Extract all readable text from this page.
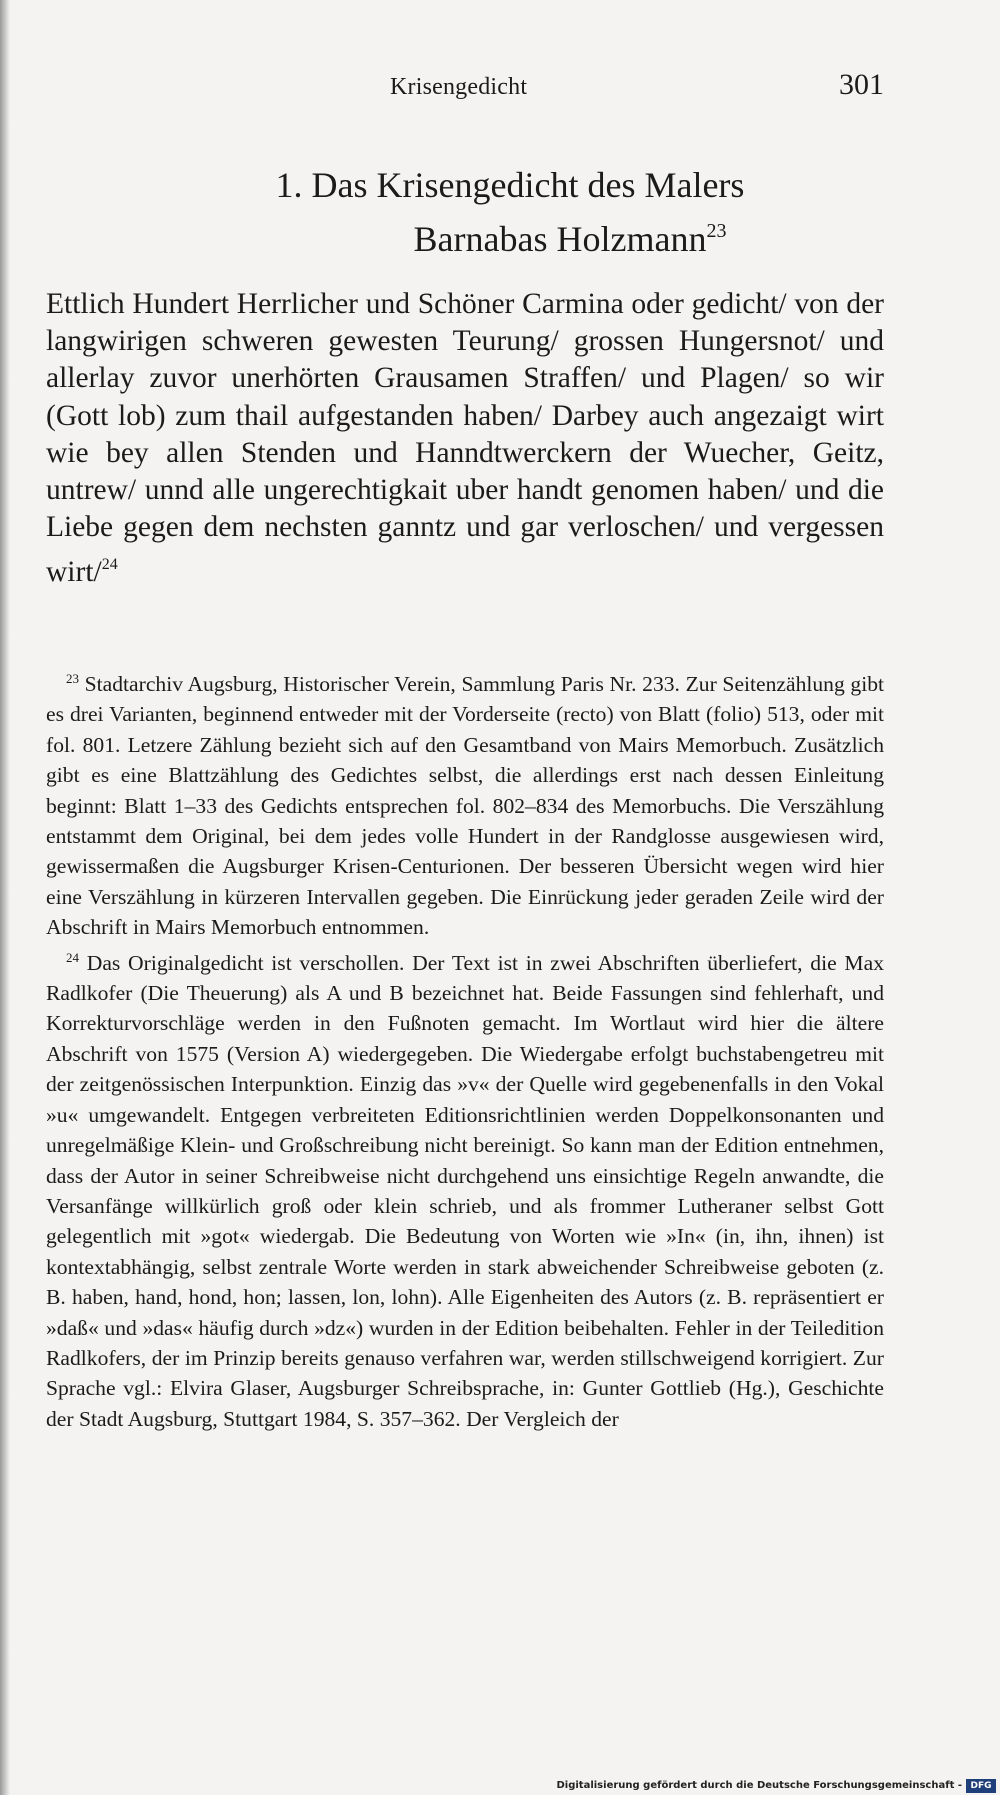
Krisengedicht	301
1. Das Krisengedicht des Malers
Barnabas Holzmann$^{23}$
Ettlich Hundert Herrlicher und Schöner Carmina oder gedicht/ von der langwirigen schweren gewesten Teurung/ grossen Hungersnot/ und allerlay zuvor unerhörten Grausamen Straffen/ und Plagen/ so wir (Gott lob) zum thail aufgestanden haben/ Darbey auch angezaigt wirt wie bey allen Stenden und Hanndtwerckern der Wuecher, Geitz, untrew/ unnd alle ungerechtigkait uber handt genomen haben/ und die Liebe gegen dem nechsten ganntz und gar verloschen/ und vergessen wirt/$^{24}$

$^{23}$ Stadtarchiv Augsburg, Historischer Verein, Sammlung Paris Nr. 233. Zur Seitenzählung gibt es drei Varianten, beginnend entweder mit der Vorderseite (recto) von Blatt (folio) 513, oder mit fol. 801. Letzere Zählung bezieht sich auf den Gesamtband von Mairs Memorbuch. Zusätzlich gibt es eine Blattzählung des Gedichtes selbst, die allerdings erst nach dessen Einleitung beginnt: Blatt 1–33 des Gedichts entsprechen fol. 802–834 des Memorbuchs. Die Verszählung entstammt dem Original, bei dem jedes volle Hundert in der Randglosse ausgewiesen wird, gewissermaßen die Augsburger Krisen-Centurionen. Der besseren Übersicht wegen wird hier eine Verszählung in kürzeren Intervallen gegeben. Die Einrückung jeder geraden Zeile wird der Abschrift in Mairs Memorbuch entnommen.

$^{24}$ Das Originalgedicht ist verschollen. Der Text ist in zwei Abschriften überliefert, die Max Radlkofer (Die Theuerung) als A und B bezeichnet hat. Beide Fassungen sind fehlerhaft, und Korrekturvorschläge werden in den Fußnoten gemacht. Im Wortlaut wird hier die ältere Abschrift von 1575 (Version A) wiedergegeben. Die Wiedergabe erfolgt buchstabengetreu mit der zeitgenössischen Interpunktion. Einzig das »v« der Quelle wird gegebenenfalls in den Vokal »u« umgewandelt. Entgegen verbreiteten Editionsrichtlinien werden Doppelkonsonanten und unregelmäßige Klein- und Großschreibung nicht bereinigt. So kann man der Edition entnehmen, dass der Autor in seiner Schreibweise nicht durchgehend uns einsichtige Regeln anwandte, die Versanfänge willkürlich groß oder klein schrieb, und als frommer Lutheraner selbst Gott gelegentlich mit »got« wiedergab. Die Bedeutung von Worten wie »In« (in, ihn, ihnen) ist kontextabhängig, selbst zentrale Worte werden in stark abweichender Schreibweise geboten (z. B. haben, hand, hond, hon; lassen, lon, lohn). Alle Eigenheiten des Autors (z. B. repräsentiert er »daß« und »das« häufig durch »dz«) wurden in der Edition beibehalten. Fehler in der Teiledition Radlkofers, der im Prinzip bereits genauso verfahren war, werden stillschweigend korrigiert. Zur Sprache vgl.: Elvira Glaser, Augsburger Schreibsprache, in: Gunter Gottlieb (Hg.), Geschichte der Stadt Augsburg, Stuttgart 1984, S. 357–362. Der Vergleich der

Digitalisierung gefördert durch die Deutsche Forschungsgemeinschaft - DFG
